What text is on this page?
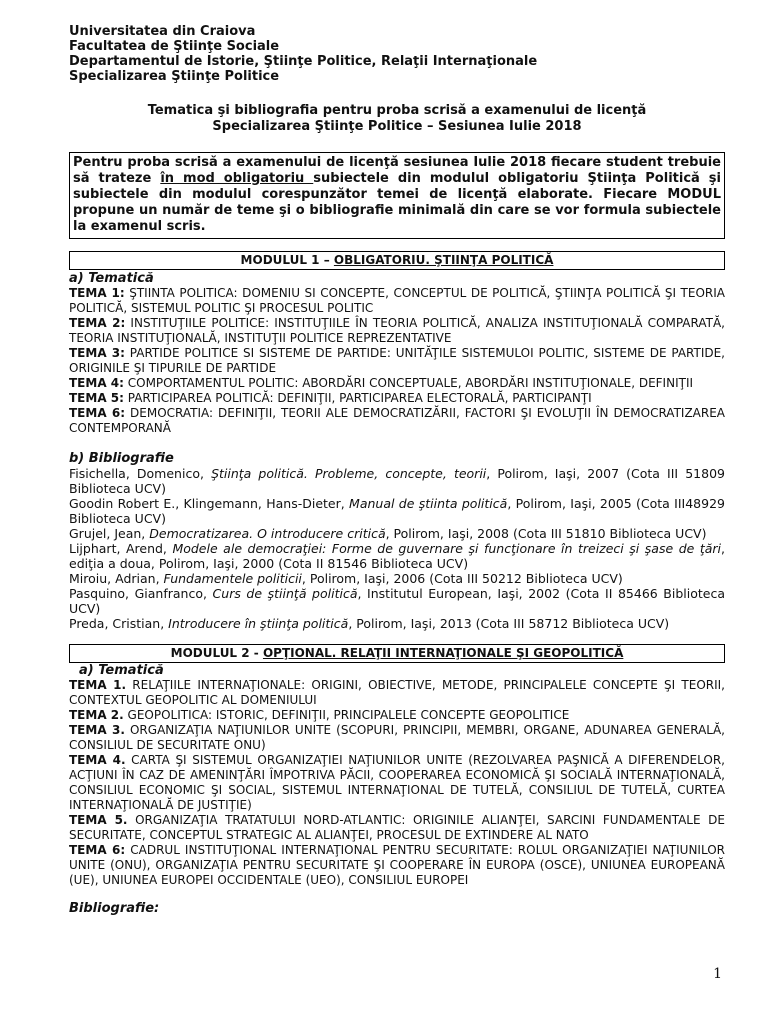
Universitatea din Craiova
Facultatea de Ştiinţe Sociale
Departamentul de Istorie, Ştiinţe Politice, Relaţii Internaţionale
Specializarea Ştiinţe Politice
Tematica şi bibliografia pentru proba scrisă a examenului de licenţă
Specializarea Ştiinţe Politice – Sesiunea Iulie 2018
Pentru proba scrisă a examenului de licenţă sesiunea Iulie 2018 fiecare student trebuie să trateze în mod obligatoriu subiectele din modulul obligatoriu Ştiinţa Politică şi subiectele din modulul corespunzător temei de licenţă elaborate. Fiecare MODUL propune un număr de teme şi o bibliografie minimală din care se vor formula subiectele la examenul scris.
MODULUL 1 – OBLIGATORIU. ŞTIINŢA POLITICĂ
a) Tematică
TEMA 1: ŞTIINTA POLITICA: DOMENIU SI CONCEPTE, CONCEPTUL DE POLITICĂ, ŞTIINŢA POLITICĂ ŞI TEORIA POLITICĂ, SISTEMUL POLITIC ŞI PROCESUL POLITIC
TEMA 2: INSTITUŢIILE POLITICE: INSTITUŢIILE ÎN TEORIA POLITICĂ, ANALIZA INSTITUŢIONALĂ COMPARATĂ, TEORIA INSTITUŢIONALĂ, INSTITUŢII POLITICE REPREZENTATIVE
TEMA 3: PARTIDE POLITICE SI SISTEME DE PARTIDE: UNITĂŢILE SISTEMULOI POLITIC, SISTEME DE PARTIDE, ORIGINILE ŞI TIPURILE DE PARTIDE
TEMA 4: COMPORTAMENTUL POLITIC: ABORDĂRI CONCEPTUALE, ABORDĂRI INSTITUŢIONALE, DEFINIŢII
TEMA 5: PARTICIPAREA POLITICĂ: DEFINIŢII, PARTICIPAREA ELECTORALĂ, PARTICIPANŢI
TEMA 6: DEMOCRATIA: DEFINIŢII, TEORII ALE DEMOCRATIZĂRII, FACTORI ŞI EVOLUŢII ÎN DEMOCRATIZAREA CONTEMPORANĂ
b) Bibliografie
Fisichella, Domenico, Ştiinţa politică. Probleme, concepte, teorii, Polirom, Iaşi, 2007 (Cota III 51809 Biblioteca UCV)
Goodin Robert E., Klingemann, Hans-Dieter, Manual de ştiinta politică, Polirom, Iaşi, 2005 (Cota III48929 Biblioteca UCV)
Grujel, Jean, Democratizarea. O introducere critică, Polirom, Iaşi, 2008 (Cota III 51810 Biblioteca UCV)
Lijphart, Arend, Modele ale democraţiei: Forme de guvernare şi funcţionare în treizeci şi şase de ţări, ediţia a doua, Polirom, Iaşi, 2000 (Cota II 81546 Biblioteca UCV)
Miroiu, Adrian, Fundamentele politicii, Polirom, Iaşi, 2006 (Cota III 50212 Biblioteca UCV)
Pasquino, Gianfranco, Curs de ştiinţă politică, Institutul European, Iaşi, 2002 (Cota II 85466 Biblioteca UCV)
Preda, Cristian, Introducere în ştiinţa politică, Polirom, Iaşi, 2013 (Cota III 58712 Biblioteca UCV)
MODULUL 2 - OPŢIONAL. RELAŢII INTERNAŢIONALE ŞI GEOPOLITICĂ
a) Tematică
TEMA 1. RELAŢIILE INTERNAŢIONALE: ORIGINI, OBIECTIVE, METODE, PRINCIPALELE CONCEPTE ŞI TEORII, CONTEXTUL GEOPOLITIC AL DOMENIULUI
TEMA 2. GEOPOLITICA: ISTORIC, DEFINIŢII, PRINCIPALELE CONCEPTE GEOPOLITICE
TEMA 3. ORGANIZAŢIA NAŢIUNILOR UNITE (SCOPURI, PRINCIPII, MEMBRI, ORGANE, ADUNAREA GENERALĂ, CONSILIUL DE SECURITATE ONU)
TEMA 4. CARTA ŞI SISTEMUL ORGANIZAŢIEI NAŢIUNILOR UNITE (REZOLVAREA PAŞNICĂ A DIFERENDELOR, ACŢIUNI ÎN CAZ DE AMENINŢĂRI ÎMPOTRIVA PĂCII, COOPERAREA ECONOMICĂ ŞI SOCIALĂ INTERNAŢIONALĂ, CONSILIUL ECONOMIC ŞI SOCIAL, SISTEMUL INTERNAŢIONAL DE TUTELĂ, CONSILIUL DE TUTELĂ, CURTEA INTERNAŢIONALĂ DE JUSTIŢIE)
TEMA 5. ORGANIZAŢIA TRATATULUI NORD-ATLANTIC: ORIGINILE ALIANŢEI, SARCINI FUNDAMENTALE DE SECURITATE, CONCEPTUL STRATEGIC AL ALIANŢEI, PROCESUL DE EXTINDERE AL NATO
TEMA 6: CADRUL INSTITUŢIONAL INTERNAŢIONAL PENTRU SECURITATE: ROLUL ORGANIZAŢIEI NAŢIUNILOR UNITE (ONU), ORGANIZAŢIA PENTRU SECURITATE ŞI COOPERARE ÎN EUROPA (OSCE), UNIUNEA EUROPEANĂ (UE), UNIUNEA EUROPEI OCCIDENTALE (UEO), CONSILIUL EUROPEI
Bibliografie:
1
